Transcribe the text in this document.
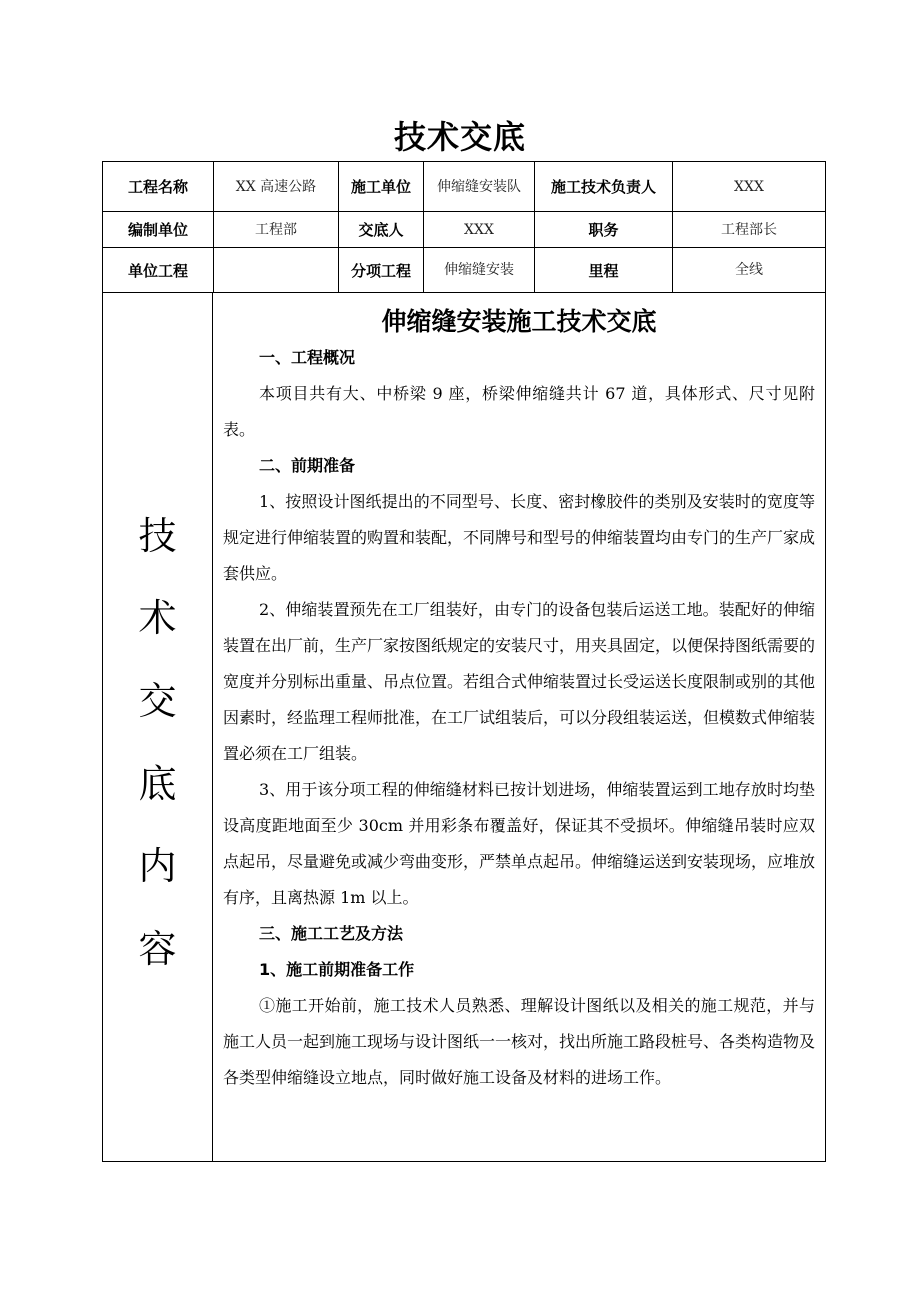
技术交底
工程名称	XX 高速公路	施工单位	伸缩缝安装队	施工技术负责人	XXX
编制单位	工程部	交底人	XXX	职务	工程部长
单位工程		分项工程	伸缩缝安装	里程	全线
技
术
交
底
内
容
伸缩缝安装施工技术交底
一、工程概况

本项目共有大、中桥梁 9 座，桥梁伸缩缝共计 67 道，具体形式、尺寸见附表。

二、前期准备

1、按照设计图纸提出的不同型号、长度、密封橡胶件的类别及安装时的宽度等规定进行伸缩装置的购置和装配，不同牌号和型号的伸缩装置均由专门的生产厂家成套供应。

2、伸缩装置预先在工厂组装好，由专门的设备包装后运送工地。装配好的伸缩装置在出厂前，生产厂家按图纸规定的安装尺寸，用夹具固定，以便保持图纸需要的宽度并分别标出重量、吊点位置。若组合式伸缩装置过长受运送长度限制或别的其他因素时，经监理工程师批准，在工厂试组装后，可以分段组装运送，但模数式伸缩装置必须在工厂组装。

3、用于该分项工程的伸缩缝材料已按计划进场，伸缩装置运到工地存放时均垫设高度距地面至少 30cm 并用彩条布覆盖好，保证其不受损坏。伸缩缝吊装时应双点起吊，尽量避免或减少弯曲变形，严禁单点起吊。伸缩缝运送到安装现场，应堆放有序，且离热源 1m 以上。

三、施工工艺及方法
1、施工前期准备工作

①施工开始前，施工技术人员熟悉、理解设计图纸以及相关的施工规范，并与施工人员一起到施工现场与设计图纸一一核对，找出所施工路段桩号、各类构造物及各类型伸缩缝设立地点，同时做好施工设备及材料的进场工作。
